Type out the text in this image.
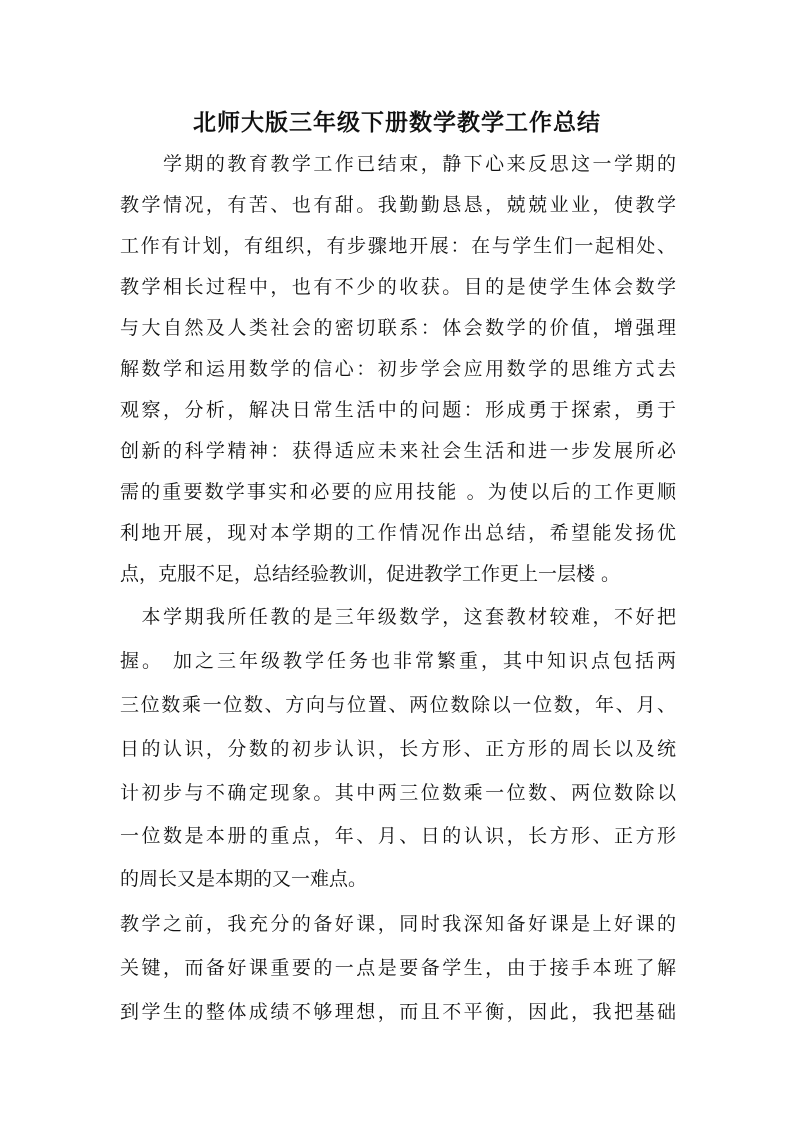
北师大版三年级下册数学教学工作总结
　　学期的教育教学工作已结束，静下心来反思这一学期的
教学情况，有苦、也有甜。我勤勤恳恳，兢兢业业，使教学
工作有计划，有组织，有步骤地开展：在与学生们一起相处、
教学相长过程中，也有不少的收获。目的是使学生体会数学
与大自然及人类社会的密切联系：体会数学的价值，增强理
解数学和运用数学的信心：初步学会应用数学的思维方式去
观察，分析，解决日常生活中的问题：形成勇于探索，勇于
创新的科学精神：获得适应未来社会生活和进一步发展所必
需的重要数学事实和必要的应用技能 。为使以后的工作更顺
利地开展，现对本学期的工作情况作出总结，希望能发扬优
点，克服不足，总结经验教训，促进教学工作更上一层楼 。
　本学期我所任教的是三年级数学，这套教材较难，不好把
握。 加之三年级教学任务也非常繁重，其中知识点包括两
三位数乘一位数、方向与位置、两位数除以一位数，年、月、
日的认识，分数的初步认识，长方形、正方形的周长以及统
计初步与不确定现象。其中两三位数乘一位数、两位数除以
一位数是本册的重点，年、月、日的认识，长方形、正方形
的周长又是本期的又一难点。
教学之前，我充分的备好课，同时我深知备好课是上好课的
关键，而备好课重要的一点是要备学生，由于接手本班了解
到学生的整体成绩不够理想，而且不平衡，因此，我把基础
